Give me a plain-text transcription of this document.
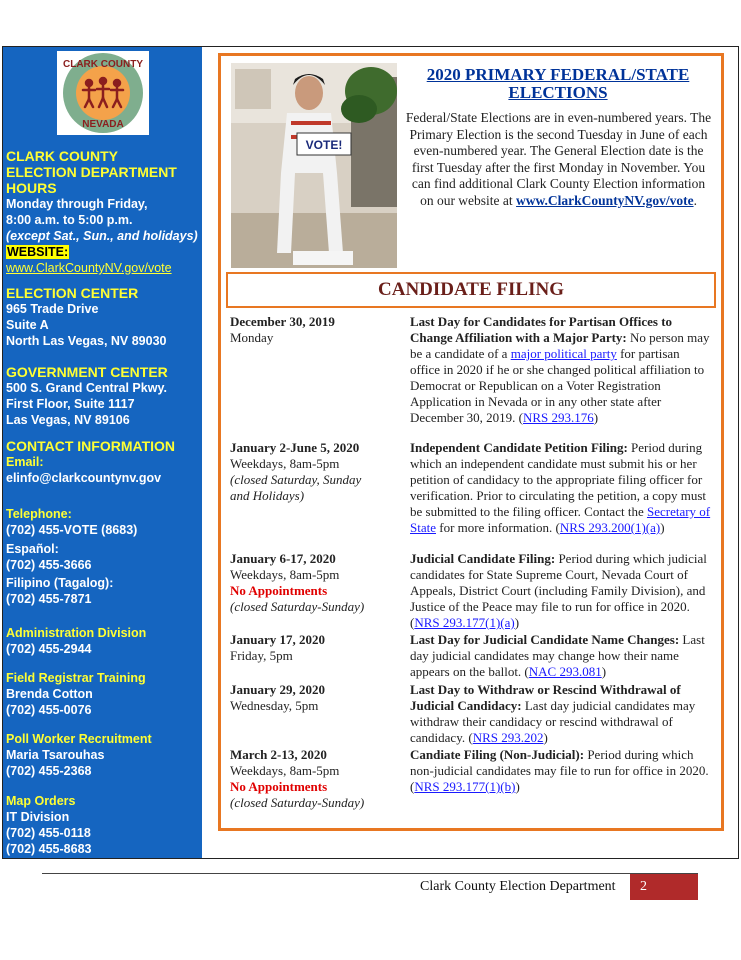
CLARK COUNTY
NEVADA
CLARK COUNTY
ELECTION DEPARTMENT
HOURS
Monday through Friday,
8:00 a.m. to 5:00 p.m.
(except Sat., Sun., and holidays)
WEBSITE:
www.ClarkCountyNV.gov/vote
ELECTION CENTER
965 Trade Drive
Suite A
North Las Vegas, NV 89030
GOVERNMENT CENTER
500 S. Grand Central Pkwy.
First Floor, Suite 1117
Las Vegas, NV 89106
CONTACT INFORMATION
Email:
elinfo@clarkcountynv.gov
Telephone:
(702) 455-VOTE (8683)
Español:
(702) 455-3666
Filipino (Tagalog):
(702) 455-7871
Administration Division
(702) 455-2944
Field Registrar Training
Brenda Cotton
(702) 455-0076
Poll Worker Recruitment
Maria Tsarouhas
(702) 455-2368
Map Orders
IT Division
(702) 455-0118
(702) 455-8683
VOTE!
2020 PRIMARY FEDERAL/STATE
ELECTIONS
Federal/State Elections are in even-numbered years. The Primary Election is the second Tuesday in June of each even-numbered year. The General Election date is the first Tuesday after the first Monday in November. You can find additional Clark County Election information on our website at www.ClarkCountyNV.gov/vote.
CANDIDATE FILING
December 30, 2019
Monday
Last Day for Candidates for Partisan Offices to Change Affiliation with a Major Party: No person may be a candidate of a major political party for partisan office in 2020 if he or she changed political affiliation to Democrat or Republican on a Voter Registration Application in Nevada or in any other state after December 30, 2019. (NRS 293.176)
January 2-June 5, 2020
Weekdays, 8am-5pm
(closed Saturday, Sunday and Holidays)
Independent Candidate Petition Filing: Period during which an independent candidate must submit his or her petition of candidacy to the appropriate filing officer for verification. Prior to circulating the petition, a copy must be submitted to the filing officer. Contact the Secretary of State for more information. (NRS 293.200(1)(a))
January 6-17, 2020
Weekdays, 8am-5pm
No Appointments
(closed Saturday-Sunday)
Judicial Candidate Filing: Period during which judicial candidates for State Supreme Court, Nevada Court of Appeals, District Court (including Family Division), and Justice of the Peace may file to run for office in 2020. (NRS 293.177(1)(a))
January 17, 2020
Friday, 5pm
Last Day for Judicial Candidate Name Changes: Last day judicial candidates may change how their name appears on the ballot. (NAC 293.081)
January 29, 2020
Wednesday, 5pm
Last Day to Withdraw or Rescind Withdrawal of Judicial Candidacy: Last day judicial candidates may withdraw their candidacy or rescind withdrawal of candidacy. (NRS 293.202)
March 2-13, 2020
Weekdays, 8am-5pm
No Appointments
(closed Saturday-Sunday)
Candiate Filing (Non-Judicial): Period during which non-judicial candidates may file to run for office in 2020. (NRS 293.177(1)(b))
Clark County Election Department	2
